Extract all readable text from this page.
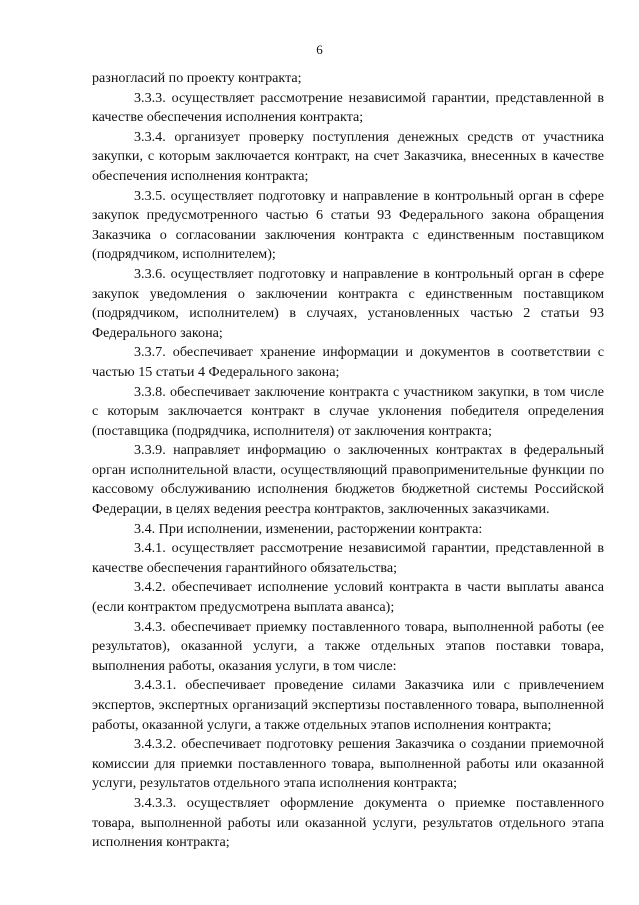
6

разногласий по проекту контракта;

3.3.3. осуществляет рассмотрение независимой гарантии, представленной в качестве обеспечения исполнения контракта;

3.3.4. организует проверку поступления денежных средств от участника закупки, с которым заключается контракт, на счет Заказчика, внесенных в качестве обеспечения исполнения контракта;

3.3.5. осуществляет подготовку и направление в контрольный орган в сфере закупок предусмотренного частью 6 статьи 93 Федерального закона обращения Заказчика о согласовании заключения контракта с единственным поставщиком (подрядчиком, исполнителем);

3.3.6. осуществляет подготовку и направление в контрольный орган в сфере закупок уведомления о заключении контракта с единственным поставщиком (подрядчиком, исполнителем) в случаях, установленных частью 2 статьи 93 Федерального закона;

3.3.7. обеспечивает хранение информации и документов в соответствии с частью 15 статьи 4 Федерального закона;

3.3.8. обеспечивает заключение контракта с участником закупки, в том числе с которым заключается контракт в случае уклонения победителя определения (поставщика (подрядчика, исполнителя) от заключения контракта;

3.3.9. направляет информацию о заключенных контрактах в федеральный орган исполнительной власти, осуществляющий правоприменительные функции по кассовому обслуживанию исполнения бюджетов бюджетной системы Российской Федерации, в целях ведения реестра контрактов, заключенных заказчиками.

3.4. При исполнении, изменении, расторжении контракта:

3.4.1. осуществляет рассмотрение независимой гарантии, представленной в качестве обеспечения гарантийного обязательства;

3.4.2. обеспечивает исполнение условий контракта в части выплаты аванса (если контрактом предусмотрена выплата аванса);

3.4.3. обеспечивает приемку поставленного товара, выполненной работы (ее результатов), оказанной услуги, а также отдельных этапов поставки товара, выполнения работы, оказания услуги, в том числе:

3.4.3.1. обеспечивает проведение силами Заказчика или с привлечением экспертов, экспертных организаций экспертизы поставленного товара, выполненной работы, оказанной услуги, а также отдельных этапов исполнения контракта;

3.4.3.2. обеспечивает подготовку решения Заказчика о создании приемочной комиссии для приемки поставленного товара, выполненной работы или оказанной услуги, результатов отдельного этапа исполнения контракта;

3.4.3.3. осуществляет оформление документа о приемке поставленного товара, выполненной работы или оказанной услуги, результатов отдельного этапа исполнения контракта;
